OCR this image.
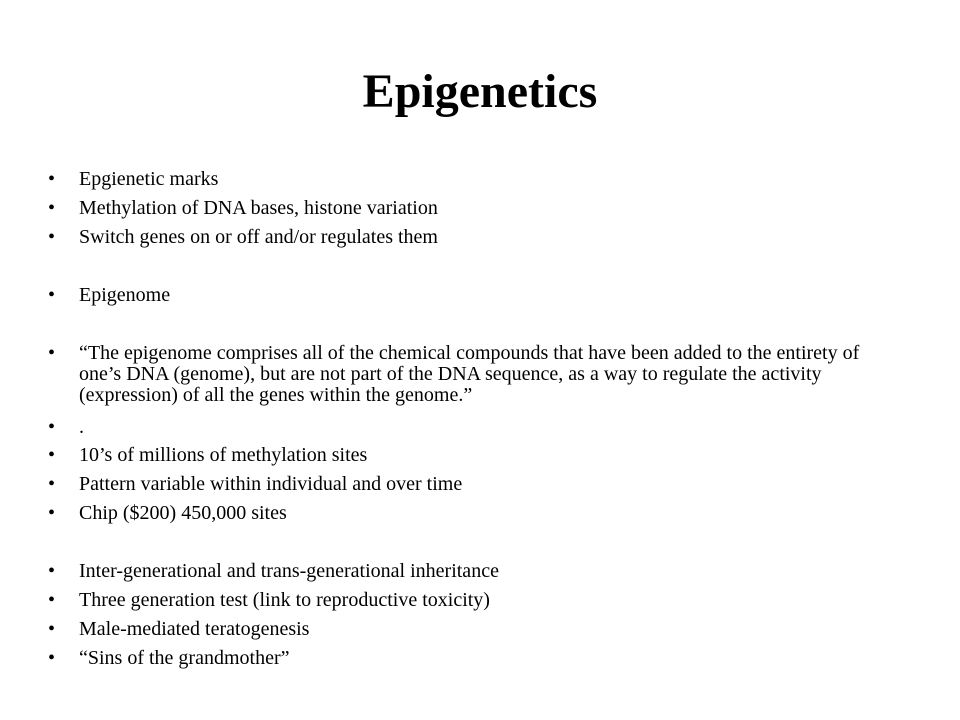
Epigenetics
•	Epgienetic marks
•	Methylation of DNA bases, histone variation
•	Switch genes on or off and/or regulates them
•	Epigenome
•	“The epigenome comprises all of the chemical compounds that have been added to the entirety of one’s DNA (genome), but are not part of the DNA sequence, as a way to regulate the activity (expression) of all the genes within the genome.”
•	.
•	10’s of millions of methylation sites
•	Pattern variable within individual and over time
•	Chip ($200) 450,000 sites
•	Inter-generational and trans-generational inheritance
•	Three generation test (link to reproductive toxicity)
•	Male-mediated teratogenesis
•	“Sins of the grandmother”
